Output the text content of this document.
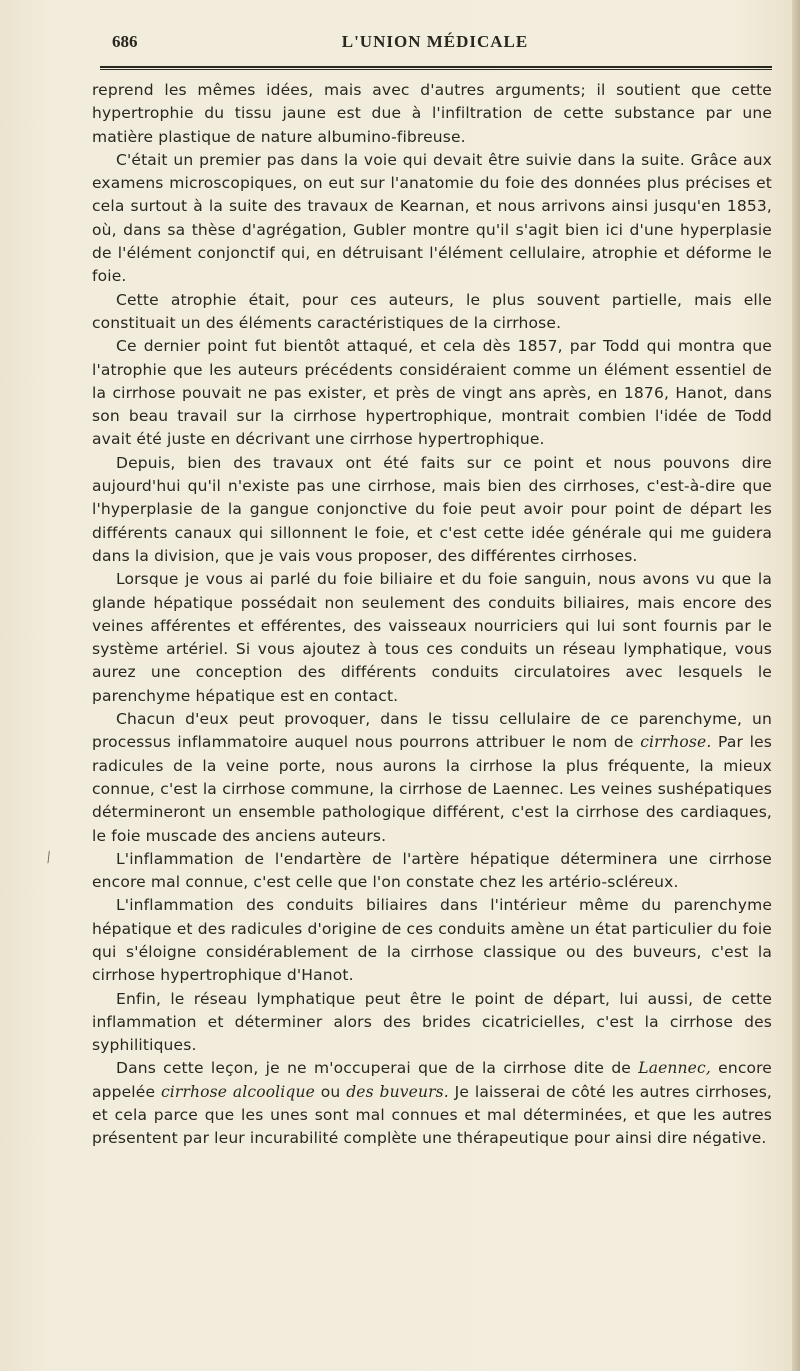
686	L'UNION MÉDICALE

reprend les mêmes idées, mais avec d'autres arguments; il soutient que cette hypertrophie du tissu jaune est due à l'infiltration de cette substance par une matière plastique de nature albumino-fibreuse.

C'était un premier pas dans la voie qui devait être suivie dans la suite. Grâce aux examens microscopiques, on eut sur l'anatomie du foie des données plus précises et cela surtout à la suite des travaux de Kearnan, et nous arrivons ainsi jusqu'en 1853, où, dans sa thèse d'agrégation, Gubler montre qu'il s'agit bien ici d'une hyperplasie de l'élément conjonctif qui, en détruisant l'élément cellulaire, atrophie et déforme le foie.

Cette atrophie était, pour ces auteurs, le plus souvent partielle, mais elle constituait un des éléments caractéristiques de la cirrhose.

Ce dernier point fut bientôt attaqué, et cela dès 1857, par Todd qui montra que l'atrophie que les auteurs précédents considéraient comme un élément essentiel de la cirrhose pouvait ne pas exister, et près de vingt ans après, en 1876, Hanot, dans son beau travail sur la cirrhose hypertrophique, montrait combien l'idée de Todd avait été juste en décrivant une cirrhose hypertrophique.

Depuis, bien des travaux ont été faits sur ce point et nous pouvons dire aujourd'hui qu'il n'existe pas une cirrhose, mais bien des cirrhoses, c'est-à-dire que l'hyperplasie de la gangue conjonctive du foie peut avoir pour point de départ les différents canaux qui sillonnent le foie, et c'est cette idée générale qui me guidera dans la division, que je vais vous proposer, des différentes cirrhoses.

Lorsque je vous ai parlé du foie biliaire et du foie sanguin, nous avons vu que la glande hépatique possédait non seulement des conduits biliaires, mais encore des veines afférentes et efférentes, des vaisseaux nourriciers qui lui sont fournis par le système artériel. Si vous ajoutez à tous ces conduits un réseau lymphatique, vous aurez une conception des différents conduits circulatoires avec lesquels le parenchyme hépatique est en contact.

Chacun d'eux peut provoquer, dans le tissu cellulaire de ce parenchyme, un processus inflammatoire auquel nous pourrons attribuer le nom de cirrhose. Par les radicules de la veine porte, nous aurons la cirrhose la plus fréquente, la mieux connue, c'est la cirrhose commune, la cirrhose de Laennec. Les veines sushépatiques détermineront un ensemble pathologique différent, c'est la cirrhose des cardiaques, le foie muscade des anciens auteurs.

L'inflammation de l'endartère de l'artère hépatique déterminera une cirrhose encore mal connue, c'est celle que l'on constate chez les artério-scléreux.

L'inflammation des conduits biliaires dans l'intérieur même du parenchyme hépatique et des radicules d'origine de ces conduits amène un état particulier du foie qui s'éloigne considérablement de la cirrhose classique ou des buveurs, c'est la cirrhose hypertrophique d'Hanot.

Enfin, le réseau lymphatique peut être le point de départ, lui aussi, de cette inflammation et déterminer alors des brides cicatricielles, c'est la cirrhose des syphilitiques.

Dans cette leçon, je ne m'occuperai que de la cirrhose dite de Laennec, encore appelée cirrhose alcoolique ou des buveurs. Je laisserai de côté les autres cirrhoses, et cela parce que les unes sont mal connues et mal déterminées, et que les autres présentent par leur incurabilité complète une thérapeutique pour ainsi dire négative.

⁄
